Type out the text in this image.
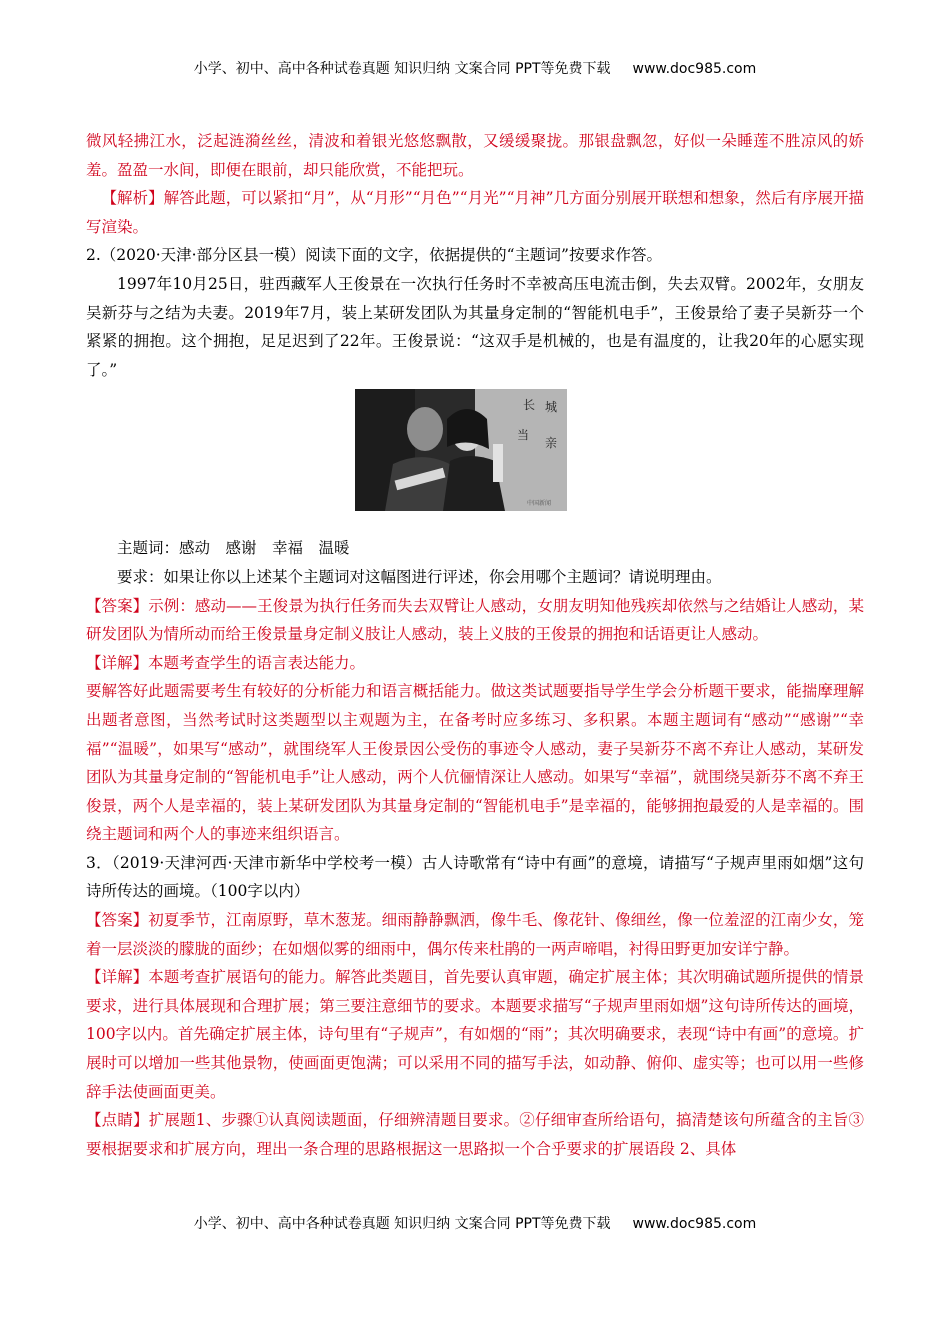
小学、初中、高中各种试卷真题 知识归纳 文案合同 PPT等免费下载 www.doc985.com

微风轻拂江水，泛起涟漪丝丝，清波和着银光悠悠飘散，又缓缓聚拢。那银盘飘忽，好似一朵睡莲不胜凉风的娇羞。盈盈一水间，即便在眼前，却只能欣赏，不能把玩。

【解析】解答此题，可以紧扣“月”，从“月形”“月色”“月光”“月神”几方面分别展开联想和想象，然后有序展开描写渲染。

2.（2020·天津·部分区县一模）阅读下面的文字，依据提供的“主题词”按要求作答。

1997年10月25日，驻西藏军人王俊景在一次执行任务时不幸被高压电流击倒，失去双臂。2002年，女朋友吴新芬与之结为夫妻。2019年7月，装上某研发团队为其量身定制的“智能机电手”，王俊景给了妻子吴新芬一个紧紧的拥抱。这个拥抱，足足迟到了22年。王俊景说：“这双手是机械的，也是有温度的，让我20年的心愿实现了。”

主题词：感动　感谢　幸福　温暖

要求：如果让你以上述某个主题词对这幅图进行评述，你会用哪个主题词？请说明理由。

【答案】示例：感动——王俊景为执行任务而失去双臂让人感动，女朋友明知他残疾却依然与之结婚让人感动，某研发团队为情所动而给王俊景量身定制义肢让人感动，装上义肢的王俊景的拥抱和话语更让人感动。

【详解】本题考查学生的语言表达能力。

要解答好此题需要考生有较好的分析能力和语言概括能力。做这类试题要指导学生学会分析题干要求，能揣摩理解出题者意图，当然考试时这类题型以主观题为主，在备考时应多练习、多积累。本题主题词有“感动”“感谢”“幸福”“温暖”，如果写“感动”，就围绕军人王俊景因公受伤的事迹令人感动，妻子吴新芬不离不弃让人感动，某研发团队为其量身定制的“智能机电手”让人感动，两个人伉俪情深让人感动。如果写“幸福”，就围绕吴新芬不离不弃王俊景，两个人是幸福的，装上某研发团队为其量身定制的“智能机电手”是幸福的，能够拥抱最爱的人是幸福的。围绕主题词和两个人的事迹来组织语言。

3．（2019·天津河西·天津市新华中学校考一模）古人诗歌常有“诗中有画”的意境，请描写“子规声里雨如烟”这句诗所传达的画境。（100字以内）

【答案】初夏季节，江南原野，草木葱茏。细雨静静飘洒，像牛毛、像花针、像细丝，像一位羞涩的江南少女，笼着一层淡淡的朦胧的面纱；在如烟似雾的细雨中，偶尔传来杜鹃的一两声啼唱，衬得田野更加安详宁静。

【详解】本题考查扩展语句的能力。解答此类题目，首先要认真审题，确定扩展主体；其次明确试题所提供的情景要求，进行具体展现和合理扩展；第三要注意细节的要求。本题要求描写“子规声里雨如烟”这句诗所传达的画境，100字以内。首先确定扩展主体，诗句里有“子规声”，有如烟的“雨”；其次明确要求，表现“诗中有画”的意境。扩展时可以增加一些其他景物，使画面更饱满；可以采用不同的描写手法，如动静、俯仰、虚实等；也可以用一些修辞手法使画面更美。

【点睛】扩展题1、步骤①认真阅读题面，仔细辨清题目要求。②仔细审查所给语句，搞清楚该句所蕴含的主旨③要根据要求和扩展方向，理出一条合理的思路根据这一思路拟一个合乎要求的扩展语段 2、具体

长 城
当
亲
中国新闻
小学、初中、高中各种试卷真题 知识归纳 文案合同 PPT等免费下载 www.doc985.com
